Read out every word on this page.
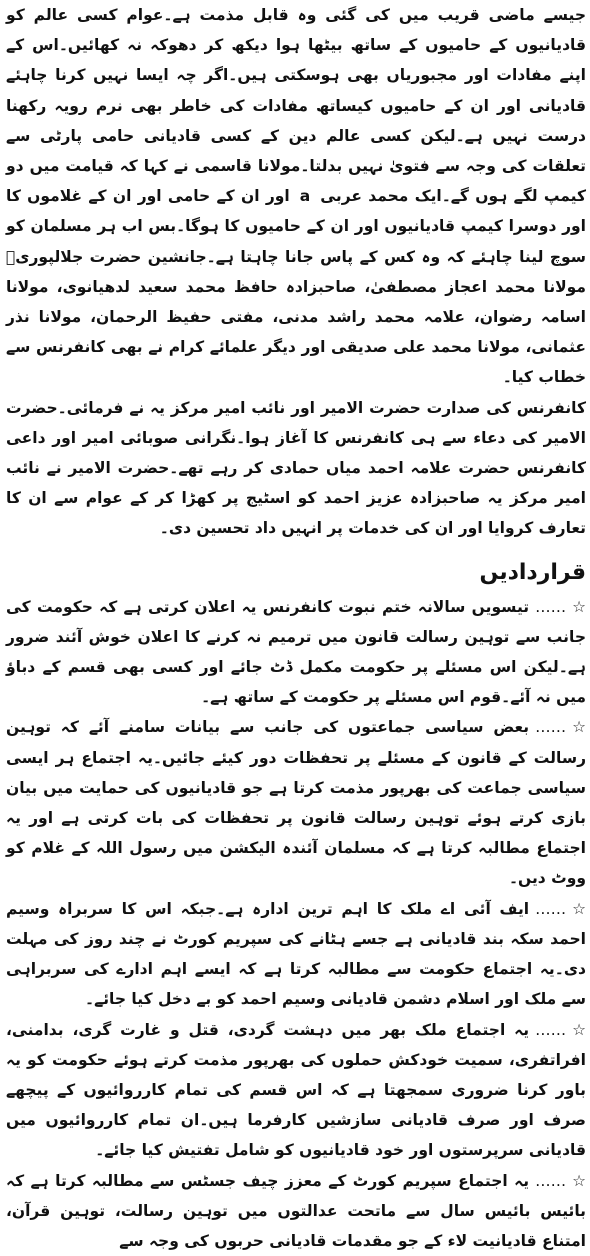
جیسے ماضی قریب میں کی گئی وہ قابل مذمت ہے۔عوام کسی عالم کو قادیانیوں کے حامیوں کے ساتھ بیٹھا ہوا دیکھ کر دھوکہ نہ کھائیں۔اس کے اپنے مفادات اور مجبوریاں بھی ہوسکتی ہیں۔اگر چہ ایسا نہیں کرنا چاہئے قادیانی اور ان کے حامیوں کیساتھ مفادات کی خاطر بھی نرم رویہ رکھنا درست نہیں ہے۔لیکن کسی عالم دین کے کسی قادیانی حامی پارٹی سے تعلقات کی وجہ سے فتویٰ نہیں بدلتا۔مولانا قاسمی نے کہا کہ قیامت میں دو کیمپ لگے ہوں گے۔ایک محمد عربیaاور ان کے حامی اور ان کے غلاموں کا اور دوسرا کیمپ قادیانیوں اور ان کے حامیوں کا ہوگا۔بس اب ہر مسلمان کو سوچ لینا چاہئے کہ وہ کس کے پاس جانا چاہتا ہے۔جانشین حضرت جلالپوریؒ مولانا محمد اعجاز مصطفیٰ، صاحبزادہ حافظ محمد سعید لدھیانوی، مولانا اسامہ رضوان، علامہ محمد راشد مدنی، مفتی حفیظ الرحمان، مولانا نذر عثمانی، مولانا محمد علی صدیقی اور دیگر علمائے کرام نے بھی کانفرنس سے خطاب کیا۔

کانفرنس کی صدارت حضرت الامیر اور نائب امیر مرکز یہ نے فرمائی۔حضرت الامیر کی دعاء سے ہی کانفرنس کا آغاز ہوا۔نگرانی صوبائی امیر اور داعی کانفرنس حضرت علامہ احمد میاں حمادی کر رہے تھے۔حضرت الامیر نے نائب امیر مرکز یہ صاحبزادہ عزیز احمد کو اسٹیج پر کھڑا کر کے عوام سے ان کا تعارف کروایا اور ان کی خدمات پر انہیں داد تحسین دی۔

قراردادیں

☆……تیسویں سالانہ ختم نبوت کانفرنس یہ اعلان کرتی ہے کہ حکومت کی جانب سے توہین رسالت قانون میں ترمیم نہ کرنے کا اعلان خوش آئند ضرور ہے۔لیکن اس مسئلے پر حکومت مکمل ڈٹ جائے اور کسی بھی قسم کے دباؤ میں نہ آئے۔قوم اس مسئلے پر حکومت کے ساتھ ہے۔

☆……بعض سیاسی جماعتوں کی جانب سے بیانات سامنے آئے کہ توہین رسالت کے قانون کے مسئلے پر تحفظات دور کیئے جائیں۔یہ اجتماع ہر ایسی سیاسی جماعت کی بھرپور مذمت کرتا ہے جو قادیانیوں کی حمایت میں بیان بازی کرتے ہوئے توہین رسالت قانون پر تحفظات کی بات کرتی ہے اور یہ اجتماع مطالبہ کرتا ہے کہ مسلمان آئندہ الیکشن میں رسول اللہ کے غلام کو ووٹ دیں۔

☆……ایف آئی اے ملک کا اہم ترین ادارہ ہے۔جبکہ اس کا سربراہ وسیم احمد سکہ بند قادیانی ہے جسے ہٹانے کی سپریم کورٹ نے چند روز کی مہلت دی۔یہ اجتماع حکومت سے مطالبہ کرتا ہے کہ ایسے اہم ادارے کی سربراہی سے ملک اور اسلام دشمن قادیانی وسیم احمد کو بے دخل کیا جائے۔

☆……یہ اجتماع ملک بھر میں دہشت گردی، قتل و غارت گری، بدامنی، افراتفری، سمیت خودکش حملوں کی بھرپور مذمت کرتے ہوئے حکومت کو یہ باور کرنا ضروری سمجھتا ہے کہ اس قسم کی تمام کارروائیوں کے پیچھے صرف اور صرف قادیانی سازشیں کارفرما ہیں۔ان تمام کارروائیوں میں قادیانی سرپرستوں اور خود قادیانیوں کو شامل تفتیش کیا جائے۔

☆……یہ اجتماع سپریم کورٹ کے معزز چیف جسٹس سے مطالبہ کرتا ہے کہ بائیس بائیس سال سے ماتحت عدالتوں میں توہین رسالت، توہین قرآن، امتناع قادیانیت لاء کے جو مقدمات قادیانی حربوں کی وجہ سے
